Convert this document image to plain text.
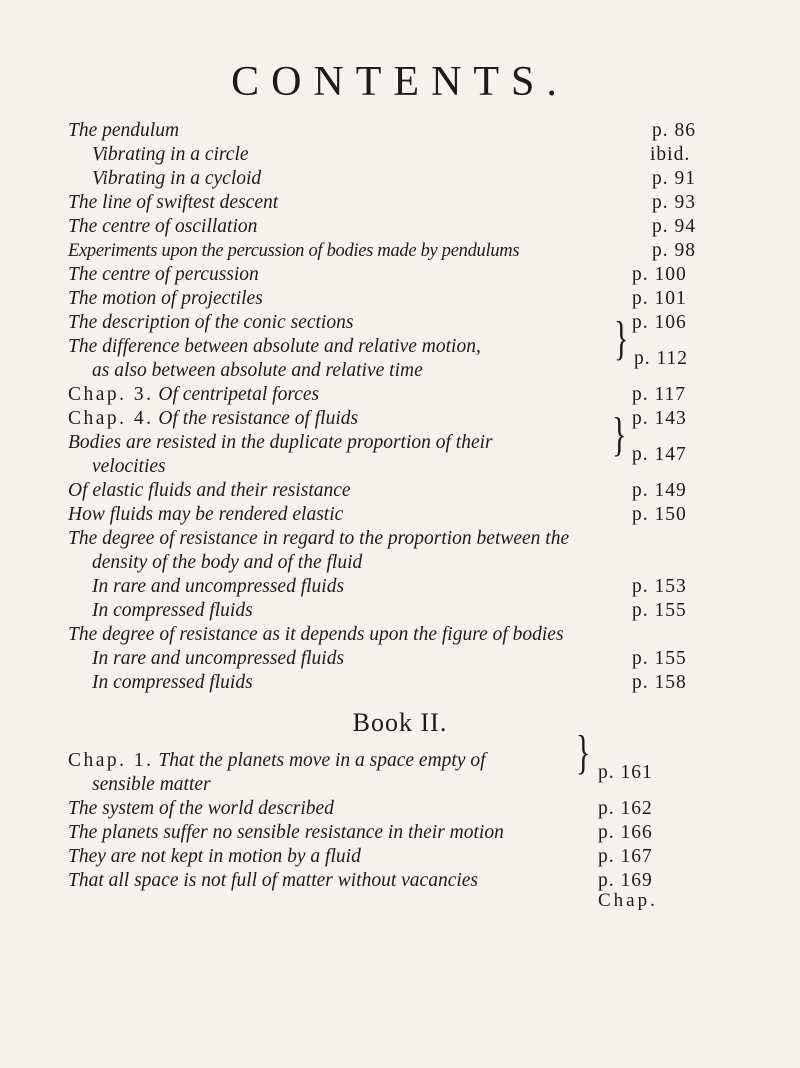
CONTENTS.
The pendulum	p. 86
Vibrating in a circle	ibid.
Vibrating in a cycloid	p. 91
The line of swiftest descent	p. 93
The centre of oscillation	p. 94
Experiments upon the percussion of bodies made by pendulums	p. 98
The centre of percussion	p. 100
The motion of projectiles	p. 101
The description of the conic sections	p. 106
The difference between absolute and relative motion,
as also between absolute and relative time
} p. 112
Chap. 3. Of centripetal forces	p. 117
Chap. 4. Of the resistance of fluids	p. 143
Bodies are resisted in the duplicate proportion of their
velocities
} p. 147
Of elastic fluids and their resistance	p. 149
How fluids may be rendered elastic	p. 150
The degree of resistance in regard to the proportion between the
density of the body and of the fluid
In rare and uncompressed fluids	p. 153
In compressed fluids	p. 155
The degree of resistance as it depends upon the figure of bodies
In rare and uncompressed fluids	p. 155
In compressed fluids	p. 158
Book II.
Chap. 1. That the planets move in a space empty of
sensible matter
} p. 161
The system of the world described	p. 162
The planets suffer no sensible resistance in their motion	p. 166
They are not kept in motion by a fluid	p. 167
That all space is not full of matter without vacancies	p. 169
Chap.
